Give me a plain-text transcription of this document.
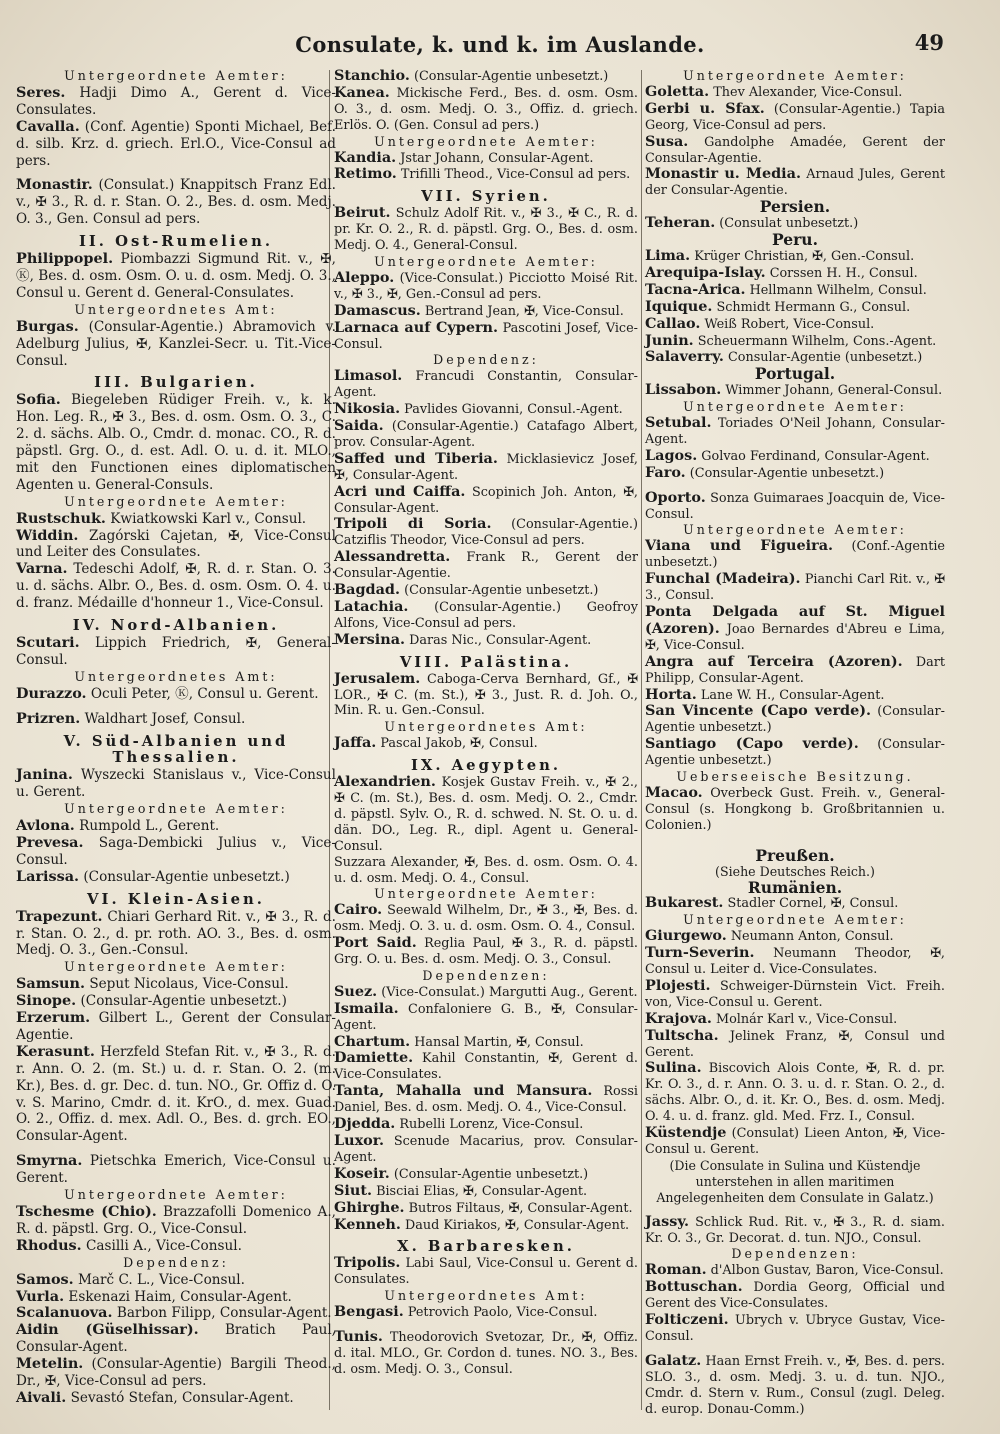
Consulate, k. und k. im Auslande.	49
Untergeordnete Aemter:
Seres. Hadji Dimo A., Gerent d. Vice-Consulates.
Cavalla. (Conf. Agentie) Sponti Michael, Bef. d. silb. Krz. d. griech. Erl.O., Vice-Consul ad pers.
Monastir. (Consulat.) Knappitsch Franz Edl. v., ✠ 3., R. d. r. Stan. O. 2., Bes. d. osm. Medj. O. 3., Gen. Consul ad pers.
II. Ost-Rumelien.
Philippopel. Piombazzi Sigmund Rit. v., ✠, Ⓚ, Bes. d. osm. Osm. O. u. d. osm. Medj. O. 3., Consul u. Gerent d. General-Consulates.
Untergeordnetes Amt:
Burgas. (Consular-Agentie.) Abramovich v. Adelburg Julius, ✠, Kanzlei-Secr. u. Tit.-Vice-Consul.
III. Bulgarien.
Sofia. Biegeleben Rüdiger Freih. v., k. k. Hon. Leg. R., ✠ 3., Bes. d. osm. Osm. O. 3., C. 2. d. sächs. Alb. O., Cmdr. d. monac. CO., R. d. päpstl. Grg. O., d. est. Adl. O. u. d. it. MLO., mit den Functionen eines diplomatischen Agenten u. General-Consuls.
Untergeordnete Aemter:
Rustschuk. Kwiatkowski Karl v., Consul.
Widdin. Zagórski Cajetan, ✠, Vice-Consul und Leiter des Consulates.
Varna. Tedeschi Adolf, ✠, R. d. r. Stan. O. 3. u. d. sächs. Albr. O., Bes. d. osm. Osm. O. 4. u. d. franz. Médaille d'honneur 1., Vice-Consul.
IV. Nord-Albanien.
Scutari. Lippich Friedrich, ✠, General-Consul.
Untergeordnetes Amt:
Durazzo. Oculi Peter, Ⓚ, Consul u. Gerent.
Prizren. Waldhart Josef, Consul.
V. Süd-Albanien und Thessalien.
Janina. Wyszecki Stanislaus v., Vice-Consul u. Gerent.
Untergeordnete Aemter:
Avlona. Rumpold L., Gerent.
Prevesa. Saga-Dembicki Julius v., Vice-Consul.
Larissa. (Consular-Agentie unbesetzt.)
VI. Klein-Asien.
Trapezunt. Chiari Gerhard Rit. v., ✠ 3., R. d. r. Stan. O. 2., d. pr. roth. AO. 3., Bes. d. osm. Medj. O. 3., Gen.-Consul.
Untergeordnete Aemter:
Samsun. Seput Nicolaus, Vice-Consul.
Sinope. (Consular-Agentie unbesetzt.)
Erzerum. Gilbert L., Gerent der Consular-Agentie.
Kerasunt. Herzfeld Stefan Rit. v., ✠ 3., R. d. r. Ann. O. 2. (m. St.) u. d. r. Stan. O. 2. (m. Kr.), Bes. d. gr. Dec. d. tun. NO., Gr. Offiz d. O. v. S. Marino, Cmdr. d. it. KrO., d. mex. Guad. O. 2., Offiz. d. mex. Adl. O., Bes. d. grch. EO., Consular-Agent.
Smyrna. Pietschka Emerich, Vice-Consul u. Gerent.
Untergeordnete Aemter:
Tschesme (Chio). Brazzafolli Domenico A., R. d. päpstl. Grg. O., Vice-Consul.
Rhodus. Casilli A., Vice-Consul.
Dependenz:
Samos. Marč C. L., Vice-Consul.
Vurla. Eskenazi Haim, Consular-Agent.
Scalanuova. Barbon Filipp, Consular-Agent.
Aidin (Güselhissar). Bratich Paul, Consular-Agent.
Metelin. (Consular-Agentie) Bargili Theod., Dr., ✠, Vice-Consul ad pers.
Aivali. Sevastó Stefan, Consular-Agent.
Stanchio. (Consular-Agentie unbesetzt.)
Kanea. Mickische Ferd., Bes. d. osm. Osm. O. 3., d. osm. Medj. O. 3., Offiz. d. griech. Erlös. O. (Gen. Consul ad pers.)
Untergeordnete Aemter:
Kandia. Jstar Johann, Consular-Agent.
Retimo. Trifilli Theod., Vice-Consul ad pers.
VII. Syrien.
Beirut. Schulz Adolf Rit. v., ✠ 3., ✠ C., R. d. pr. Kr. O. 2., R. d. päpstl. Grg. O., Bes. d. osm. Medj. O. 4., General-Consul.
Untergeordnete Aemter:
Aleppo. (Vice-Consulat.) Picciotto Moisé Rit. v., ✠ 3., ✠, Gen.-Consul ad pers.
Damascus. Bertrand Jean, ✠, Vice-Consul.
Larnaca auf Cypern. Pascotini Josef, Vice-Consul.
Dependenz:
Limasol. Francudi Constantin, Consular-Agent.
Nikosia. Pavlides Giovanni, Consul.-Agent.
Saida. (Consular-Agentie.) Catafago Albert, prov. Consular-Agent.
Saffed und Tiberia. Micklasievicz Josef, ✠, Consular-Agent.
Acri und Caiffa. Scopinich Joh. Anton, ✠, Consular-Agent.
Tripoli di Soria. (Consular-Agentie.) Catziflis Theodor, Vice-Consul ad pers.
Alessandretta. Frank R., Gerent der Consular-Agentie.
Bagdad. (Consular-Agentie unbesetzt.)
Latachia. (Consular-Agentie.) Geofroy Alfons, Vice-Consul ad pers.
Mersina. Daras Nic., Consular-Agent.
VIII. Palästina.
Jerusalem. Caboga-Cerva Bernhard, Gf., ✠ LOR., ✠ C. (m. St.), ✠ 3., Just. R. d. Joh. O., Min. R. u. Gen.-Consul.
Untergeordnetes Amt:
Jaffa. Pascal Jakob, ✠, Consul.
IX. Aegypten.
Alexandrien. Kosjek Gustav Freih. v., ✠ 2., ✠ C. (m. St.), Bes. d. osm. Medj. O. 2., Cmdr. d. päpstl. Sylv. O., R. d. schwed. N. St. O. u. d. dän. DO., Leg. R., dipl. Agent u. General-Consul.
Suzzara Alexander, ✠, Bes. d. osm. Osm. O. 4. u. d. osm. Medj. O. 4., Consul.
Untergeordnete Aemter:
Cairo. Seewald Wilhelm, Dr., ✠ 3., ✠, Bes. d. osm. Medj. O. 3. u. d. osm. Osm. O. 4., Consul.
Port Said. Reglia Paul, ✠ 3., R. d. päpstl. Grg. O. u. Bes. d. osm. Medj. O. 3., Consul.
Dependenzen:
Suez. (Vice-Consulat.) Margutti Aug., Gerent.
Ismaila. Confaloniere G. B., ✠, Consular-Agent.
Chartum. Hansal Martin, ✠, Consul.
Damiette. Kahil Constantin, ✠, Gerent d. Vice-Consulates.
Tanta, Mahalla und Mansura. Rossi Daniel, Bes. d. osm. Medj. O. 4., Vice-Consul.
Djedda. Rubelli Lorenz, Vice-Consul.
Luxor. Scenude Macarius, prov. Consular-Agent.
Koseir. (Consular-Agentie unbesetzt.)
Siut. Bisciai Elias, ✠, Consular-Agent.
Ghirghe. Butros Filtaus, ✠, Consular-Agent.
Kenneh. Daud Kiriakos, ✠, Consular-Agent.
X. Barbaresken.
Tripolis. Labi Saul, Vice-Consul u. Gerent d. Consulates.
Untergeordnetes Amt:
Bengasi. Petrovich Paolo, Vice-Consul.
Tunis. Theodorovich Svetozar, Dr., ✠, Offiz. d. ital. MLO., Gr. Cordon d. tunes. NO. 3., Bes. d. osm. Medj. O. 3., Consul.
Untergeordnete Aemter:
Goletta. Thev Alexander, Vice-Consul.
Gerbi u. Sfax. (Consular-Agentie.) Tapia Georg, Vice-Consul ad pers.
Susa. Gandolphe Amadée, Gerent der Consular-Agentie.
Monastir u. Media. Arnaud Jules, Gerent der Consular-Agentie.
Persien.
Teheran. (Consulat unbesetzt.)
Peru.
Lima. Krüger Christian, ✠, Gen.-Consul.
Arequipa-Islay. Corssen H. H., Consul.
Tacna-Arica. Hellmann Wilhelm, Consul.
Iquique. Schmidt Hermann G., Consul.
Callao. Weiß Robert, Vice-Consul.
Junin. Scheuermann Wilhelm, Cons.-Agent.
Salaverry. Consular-Agentie (unbesetzt.)
Portugal.
Lissabon. Wimmer Johann, General-Consul.
Untergeordnete Aemter:
Setubal. Toriades O'Neil Johann, Consular-Agent.
Lagos. Golvao Ferdinand, Consular-Agent.
Faro. (Consular-Agentie unbesetzt.)
Oporto. Sonza Guimaraes Joacquin de, Vice-Consul.
Untergeordnete Aemter:
Viana und Figueira. (Conf.-Agentie unbesetzt.)
Funchal (Madeira). Pianchi Carl Rit. v., ✠ 3., Consul.
Ponta Delgada auf St. Miguel (Azoren). Joao Bernardes d'Abreu e Lima, ✠, Vice-Consul.
Angra auf Terceira (Azoren). Dart Philipp, Consular-Agent.
Horta. Lane W. H., Consular-Agent.
San Vincente (Capo verde). (Consular-Agentie unbesetzt.)
Santiago (Capo verde). (Consular-Agentie unbesetzt.)
Ueberseeische Besitzung.
Macao. Overbeck Gust. Freih. v., General-Consul (s. Hongkong b. Großbritannien u. Colonien.)
Preußen.
(Siehe Deutsches Reich.)
Rumänien.
Bukarest. Stadler Cornel, ✠, Consul.
Untergeordnete Aemter:
Giurgewo. Neumann Anton, Consul.
Turn-Severin. Neumann Theodor, ✠, Consul u. Leiter d. Vice-Consulates.
Plojesti. Schweiger-Dürnstein Vict. Freih. von, Vice-Consul u. Gerent.
Krajova. Molnár Karl v., Vice-Consul.
Tultscha. Jelinek Franz, ✠, Consul und Gerent.
Sulina. Biscovich Alois Conte, ✠, R. d. pr. Kr. O. 3., d. r. Ann. O. 3. u. d. r. Stan. O. 2., d. sächs. Albr. O., d. it. Kr. O., Bes. d. osm. Medj. O. 4. u. d. franz. gld. Med. Frz. I., Consul.
Küstendje (Consulat) Lieen Anton, ✠, Vice-Consul u. Gerent.
(Die Consulate in Sulina und Küstendje unterstehen in allen maritimen Angelegenheiten dem Consulate in Galatz.)
Jassy. Schlick Rud. Rit. v., ✠ 3., R. d. siam. Kr. O. 3., Gr. Decorat. d. tun. NJO., Consul.
Dependenzen:
Roman. d'Albon Gustav, Baron, Vice-Consul.
Bottuschan. Dordia Georg, Official und Gerent des Vice-Consulates.
Folticzeni. Ubrych v. Ubryce Gustav, Vice-Consul.
Galatz. Haan Ernst Freih. v., ✠, Bes. d. pers. SLO. 3., d. osm. Medj. 3. u. d. tun. NJO., Cmdr. d. Stern v. Rum., Consul (zugl. Deleg. d. europ. Donau-Comm.)
